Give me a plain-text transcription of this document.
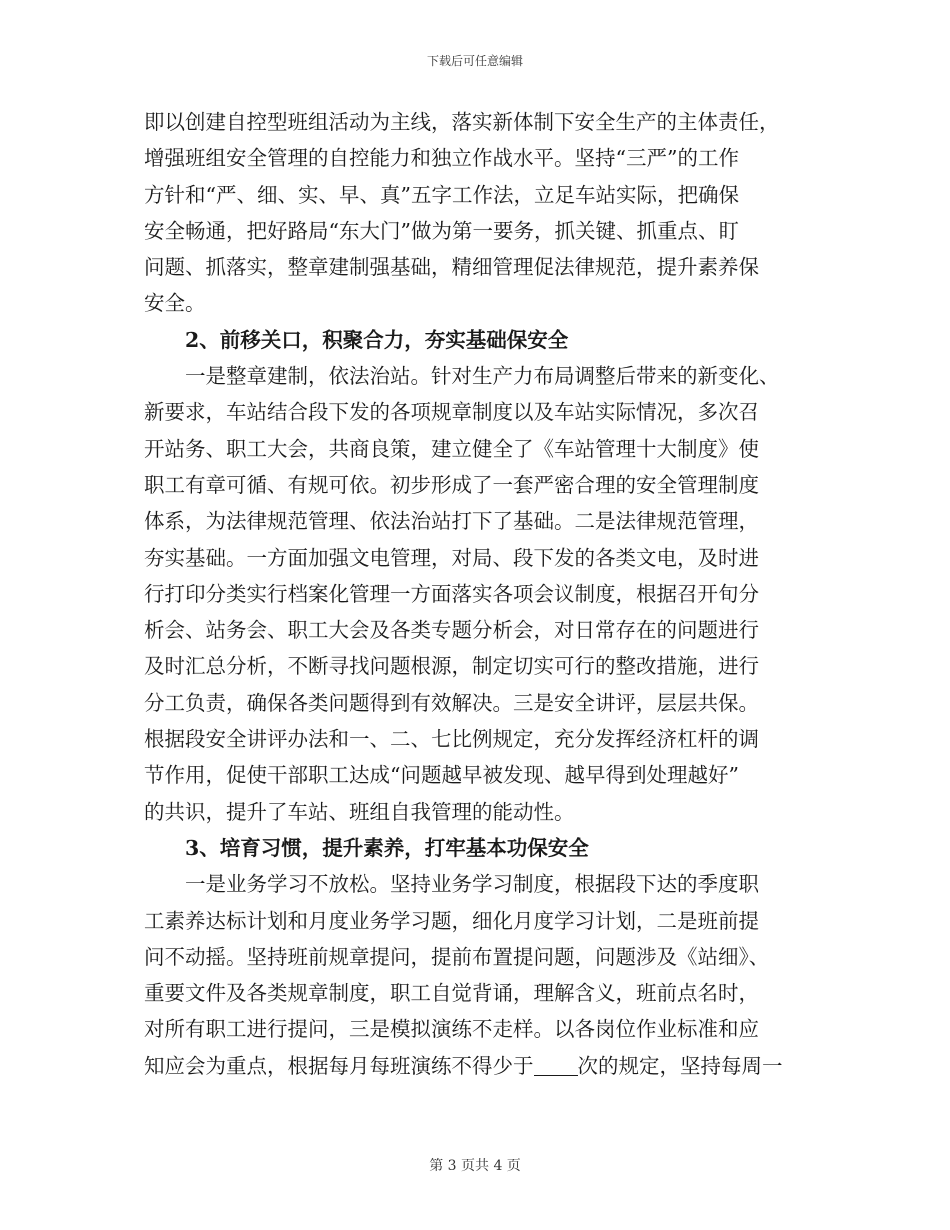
下载后可任意编辑
即以创建自控型班组活动为主线，落实新体制下安全生产的主体责任，
增强班组安全管理的自控能力和独立作战水平。坚持“三严”的工作
方针和“严、细、实、早、真”五字工作法，立足车站实际，把确保
安全畅通，把好路局“东大门”做为第一要务，抓关键、抓重点、盯
问题、抓落实，整章建制强基础，精细管理促法律规范，提升素养保
安全。
2、前移关口，积聚合力，夯实基础保安全
一是整章建制，依法治站。针对生产力布局调整后带来的新变化、
新要求，车站结合段下发的各项规章制度以及车站实际情况，多次召
开站务、职工大会，共商良策，建立健全了《车站管理十大制度》使
职工有章可循、有规可依。初步形成了一套严密合理的安全管理制度
体系，为法律规范管理、依法治站打下了基础。二是法律规范管理，
夯实基础。一方面加强文电管理，对局、段下发的各类文电，及时进
行打印分类实行档案化管理一方面落实各项会议制度，根据召开旬分
析会、站务会、职工大会及各类专题分析会，对日常存在的问题进行
及时汇总分析，不断寻找问题根源，制定切实可行的整改措施，进行
分工负责，确保各类问题得到有效解决。三是安全讲评，层层共保。
根据段安全讲评办法和一、二、七比例规定，充分发挥经济杠杆的调
节作用，促使干部职工达成“问题越早被发现、越早得到处理越好”
的共识，提升了车站、班组自我管理的能动性。
3、培育习惯，提升素养，打牢基本功保安全
一是业务学习不放松。坚持业务学习制度，根据段下达的季度职
工素养达标计划和月度业务学习题，细化月度学习计划，二是班前提
问不动摇。坚持班前规章提问，提前布置提问题，问题涉及《站细》、
重要文件及各类规章制度，职工自觉背诵，理解含义，班前点名时，
对所有职工进行提问，三是模拟演练不走样。以各岗位作业标准和应
知应会为重点，根据每月每班演练不得少于 次的规定，坚持每周一
第 3 页共 4 页
